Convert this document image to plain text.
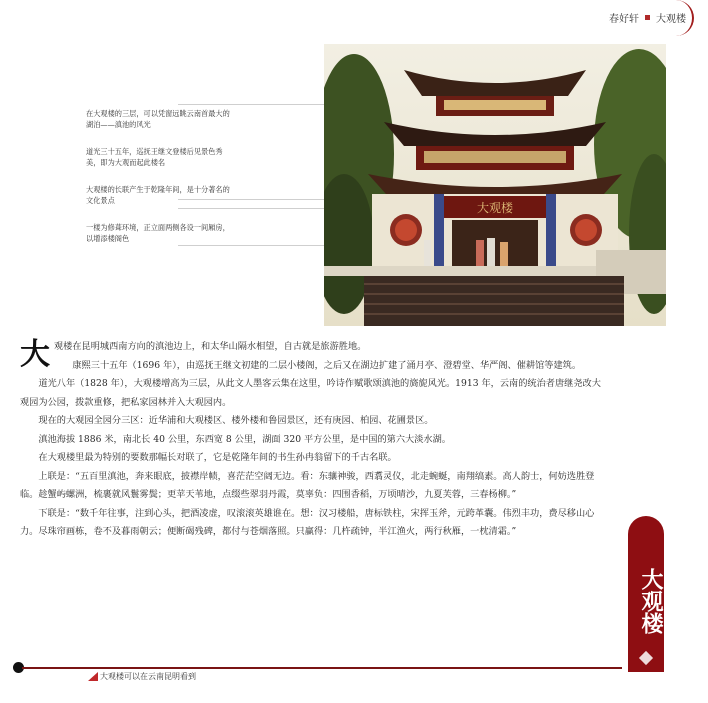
春好轩 大观楼
大观楼

在大观楼的三层，可以凭窗远眺云南首最大的湖泊——滇池的风光

道光三十五年，巡抚王继文登楼后见景色秀美，即为大观而起此楼名

大观楼的长联产生于乾隆年间，是十分著名的文化景点

一楼为修葺环境，正立面两侧各设一间厢房，以增添楼阁色

大观楼在昆明城西南方向的滇池边上，和太华山隔水相望，自古就是旅游胜地。

康熙三十五年（1696 年），由巡抚王继文初建的二层小楼阁，之后又在湖边扩建了涌月亭、澄碧堂、华严阁、催耕馆等建筑。

道光八年（1828 年），大观楼增高为三层，从此文人墨客云集在这里，吟诗作赋歌颂滇池的旖旎风光。1913 年，云南的统治者唐继尧改大观园为公园，拨款重修，把私家园林并入大观园内。

现在的大观园全园分三区：近华浦和大观楼区、楼外楼和鲁园景区，还有庚园、柏园、花圃景区。

滇池海拔 1886 米，南北长 40 公里，东西宽 8 公里，湖面 320 平方公里，是中国的第六大淡水湖。

在大观楼里最为特别的要数那幅长对联了，它是乾隆年间的书生孙冉翁留下的千古名联。

上联是：“五百里滇池，奔来眼底，披襟岸帻，喜茫茫空阔无边。看：东骧神骏，西翥灵仪，北走蜿蜒，南翔缟素。高人韵士，何妨选胜登临。趁蟹屿螺洲，梳裹就风鬟雾鬓；更苹天苇地，点缀些翠羽丹霞，莫辜负：四围香稻，万顷晴沙，九夏芙蓉，三春杨柳。”

下联是：“数千年往事，注到心头，把酒凌虚，叹滚滚英雄谁在。想：汉习楼船，唐标铁柱，宋挥玉斧，元跨革囊。伟烈丰功，费尽移山心力。尽珠帘画栋，卷不及暮雨朝云；便断碣残碑，都付与苍烟落照。只赢得：几杵疏钟，半江渔火，两行秋雁，一枕清霜。”

大观楼
大观楼可以在云南昆明看到
